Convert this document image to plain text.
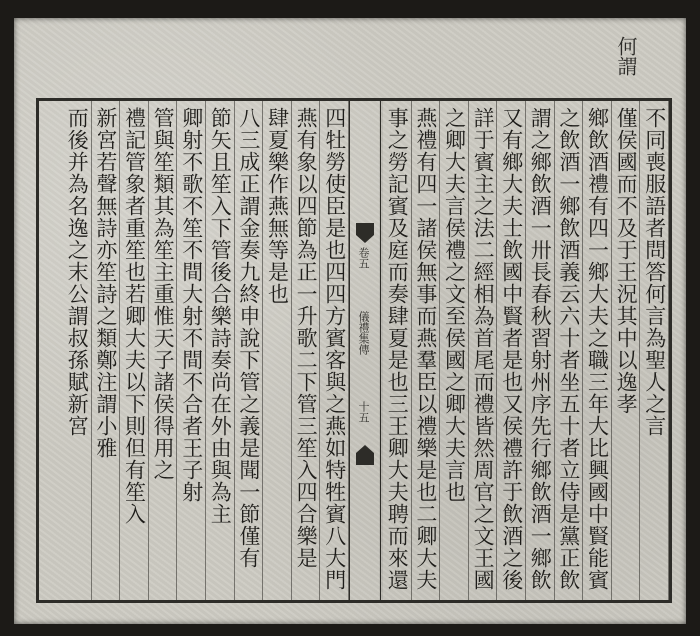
何謂
卷五
儀禮集傳
十五	不同喪服語者問答何言為聖人之言
僅侯國而不及于王況其中以逸孝
鄉飲酒禮有四一鄉大夫之職三年大比興國中賢能賓
之飲酒一鄉飲酒義云六十者坐五十者立侍是黨正飲
謂之鄉飲酒一卅長春秋習射州序先行鄉飲酒一鄉飲
又有鄉大夫士飲國中賢者是也又侯禮許于飲酒之後
詳于賓主之法二經相為首尾而禮皆然周官之文王國
之卿大夫言侯禮之文至侯國之卿大夫言也
燕禮有四一諸侯無事而燕羣臣以禮樂是也二卿大夫
事之勞記賓及庭而奏肆夏是也三王卿大夫聘而來還
四牡勞使臣是也四四方賓客與之燕如特牲賓八大門
燕有象以四節為正一升歌二下管三笙入四合樂是
肆夏樂作燕無等是也
八三成正謂金奏九終申說下管之義是聞一節僅有
節矢且笙入下管後合樂詩奏尚在外由與為主
卿射不歌不笙不間大射不間不合者王子射
管與笙類其為笙主重惟天子諸侯得用之
禮記管象者重笙也若卿大夫以下則但有笙入
新宮若聲無詩亦笙詩之類鄭注謂小雅
而後并為名逸之末公謂叔孫賦新宮
